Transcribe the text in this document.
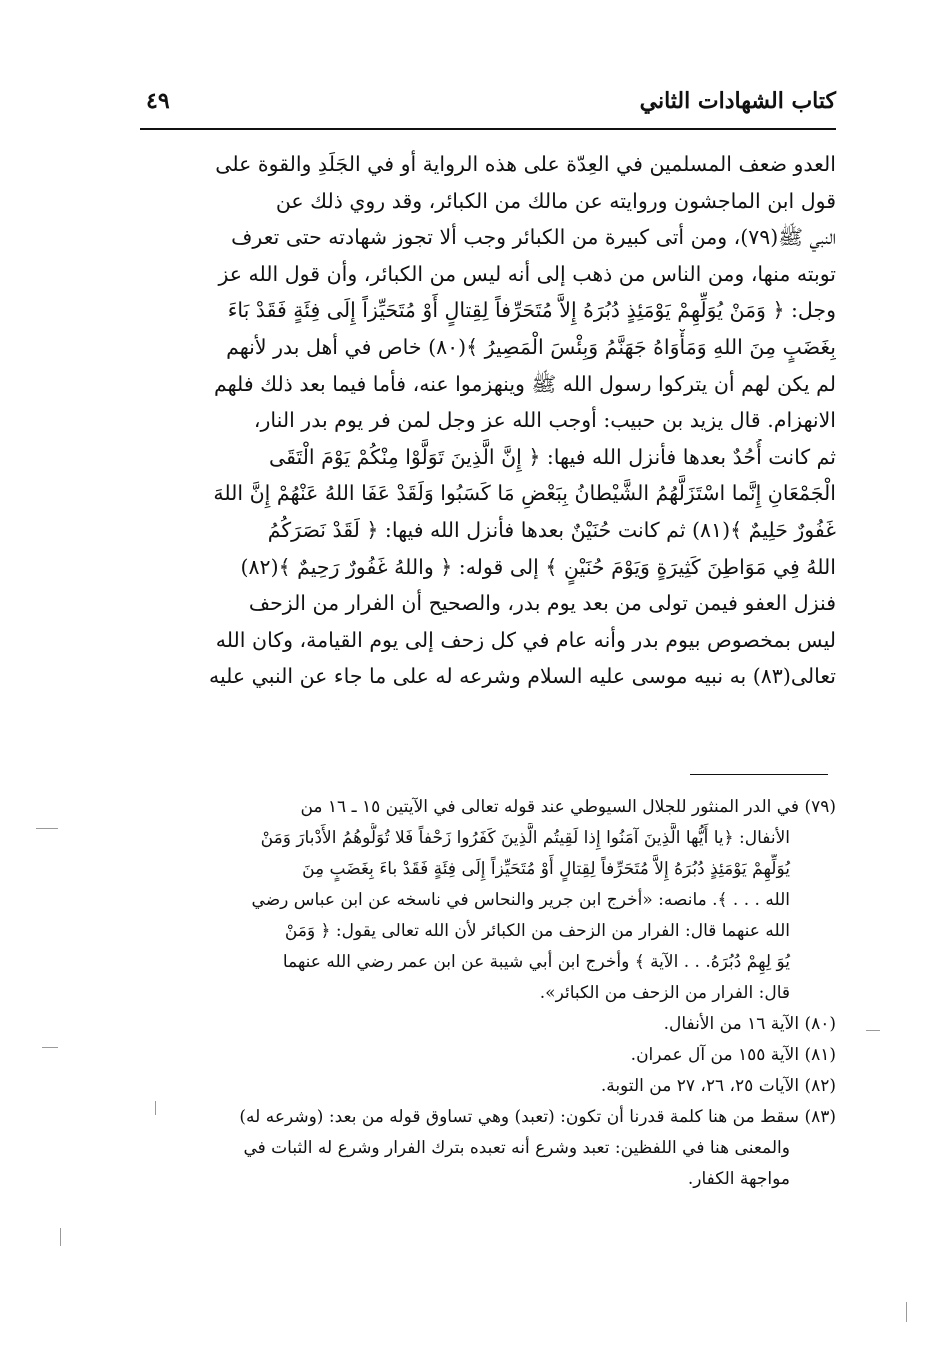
كتاب الشهادات الثاني
٤٩
العدو ضعف المسلمين في العِدّة على هذه الرواية أو في الجَلَدِ والقوة على
قول ابن الماجشون وروايته عن مالك من الكبائر، وقد روي ذلك عن
النبي ﷺ(٧٩)، ومن أتى كبيرة من الكبائر وجب ألا تجوز شهادته حتى تعرف
توبته منها، ومن الناس من ذهب إلى أنه ليس من الكبائر، وأن قول الله عز
وجل: ﴿ وَمَنْ يُوَلِّهِمْ يَوْمَئِذٍ دُبُرَهُ إِلاَّ مُتَحَرِّفاً لِقِتالٍ أَوْ مُتَحَيِّزاً إِلَى فِئَةٍ فَقَدْ بَاءَ
بِغَضَبٍ مِنَ اللهِ وَمَأْوَاهُ جَهَنَّمُ وَبِئْسَ الْمَصِيرُ ﴾(٨٠) خاص في أهل بدر لأنهم
لم يكن لهم أن يتركوا رسول الله ﷺ وينهزموا عنه، فأما فيما بعد ذلك فلهم
الانهزام. قال يزيد بن حبيب: أوجب الله عز وجل لمن فر يوم بدر النار،
ثم كانت أُحُدٌ بعدها فأنزل الله فيها: ﴿ إِنَّ الَّذِينَ تَوَلَّوْا مِنْكُمْ يَوْمَ الْتَقَى
الْجَمْعَانِ إِنَّما اسْتَزَلَّهُمُ الشَّيْطانُ بِبَعْضِ مَا كَسَبُوا وَلَقَدْ عَفَا اللهُ عَنْهُمْ إِنَّ اللهَ
غَفُورٌ حَلِيمٌ ﴾(٨١) ثم كانت حُنَيْنٌ بعدها فأنزل الله فيها: ﴿ لَقَدْ نَصَرَكُمُ
اللهُ فِي مَوَاطِنَ كَثِيرَةٍ وَيَوْمَ حُنَيْنٍ ﴾ إلى قوله: ﴿ واللهُ غَفُورٌ رَحِيمٌ ﴾(٨٢)
فنزل العفو فيمن تولى من بعد يوم بدر، والصحيح أن الفرار من الزحف
ليس بمخصوص بيوم بدر وأنه عام في كل زحف إلى يوم القيامة، وكان الله
تعالى(٨٣) به نبيه موسى عليه السلام وشرعه له على ما جاء عن النبي عليه
(٧٩) في الدر المنثور للجلال السيوطي عند قوله تعالى في الآيتين ١٥ ـ ١٦ من
الأنفال: ﴿يا أَيُّها الَّذِينَ آمَنُوا إِذا لَقِيتُم الَّذِينَ كَفَرُوا زَحْفاً فَلا تُوَلُّوهُمُ الأَدْبارَ وَمَنْ
يُوَلِّهِمْ يَوْمَئِذٍ دُبُرَهُ إِلاَّ مُتَحَرِّفاً لِقِتالٍ أَوْ مُتَحَيِّزاً إِلَى فِئَةٍ فَقَدْ باءَ بِغَضَبٍ مِنَ
الله . . . ﴾. مانصه: «أخرج ابن جرير والنحاس في ناسخه عن ابن عباس رضي
الله عنهما قال: الفرار من الزحف من الكبائر لأن الله تعالى يقول: ﴿ وَمَنْ
يُوَ لِهِمْ دُبُرَهُ. . . الآية ﴾ وأخرج ابن أبي شيبة عن ابن عمر رضي الله عنهما
قال: الفرار من الزحف من الكبائر».
(٨٠) الآية ١٦ من الأنفال.
(٨١) الآية ١٥٥ من آل عمران.
(٨٢) الآيات ٢٥، ٢٦، ٢٧ من التوبة.
(٨٣) سقط من هنا كلمة قدرنا أن تكون: (تعبد) وهي تساوق قوله من بعد: (وشرعه له)
والمعنى هنا في اللفظين: تعبد وشرع أنه تعبده بترك الفرار وشرع له الثبات في
مواجهة الكفار.
